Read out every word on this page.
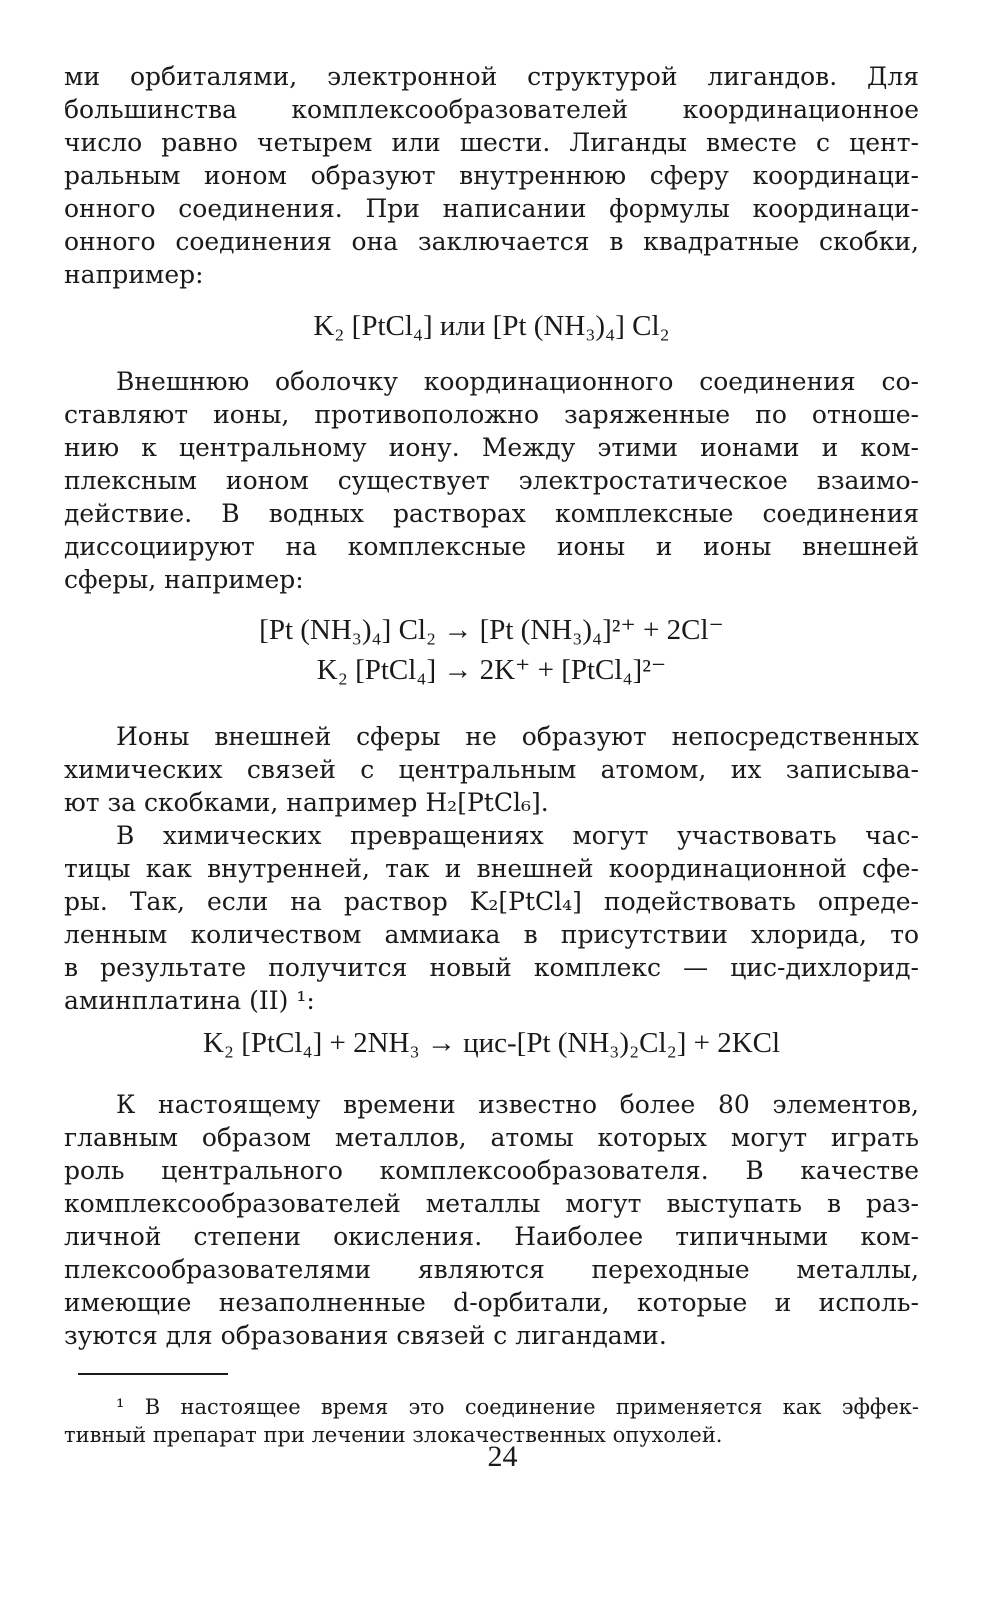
ми орбиталями, электронной структурой лигандов. Для
большинства комплексообразователей координационное
число равно четырем или шести. Лиганды вместе с цент-
ральным ионом образуют внутреннюю сферу координаци-
онного соединения. При написании формулы координаци-
онного соединения она заключается в квадратные скобки,
например:
K₂ [PtCl₄] или [Pt (NH₃)₄] Cl₂
Внешнюю оболочку координационного соединения со-
ставляют ионы, противоположно заряженные по отноше-
нию к центральному иону. Между этими ионами и ком-
плексным ионом существует электростатическое взаимо-
действие. В водных растворах комплексные соединения
диссоциируют на комплексные ионы и ионы внешней
сферы, например:
[Pt (NH₃)₄] Cl₂ → [Pt (NH₃)₄]²⁺ + 2Cl⁻
K₂ [PtCl₄] → 2K⁺ + [PtCl₄]²⁻
Ионы внешней сферы не образуют непосредственных
химических связей с центральным атомом, их записыва-
ют за скобками, например H₂[PtCl₆].
В химических превращениях могут участвовать час-
тицы как внутренней, так и внешней координационной сфе-
ры. Так, если на раствор K₂[PtCl₄] подействовать опреде-
ленным количеством аммиака в присутствии хлорида, то
в результате получится новый комплекс — цис-дихлорид-
аминплатина (II) ¹:
K₂ [PtCl₄] + 2NH₃ → цис-[Pt (NH₃)₂Cl₂] + 2KCl
К настоящему времени известно более 80 элементов,
главным образом металлов, атомы которых могут играть
роль центрального комплексообразователя. В качестве
комплексообразователей металлы могут выступать в раз-
личной степени окисления. Наиболее типичными ком-
плексообразователями являются переходные металлы,
имеющие незаполненные d-орбитали, которые и исполь-
зуются для образования связей с лигандами.
¹ В настоящее время это соединение применяется как эффек-
тивный препарат при лечении злокачественных опухолей.
24
